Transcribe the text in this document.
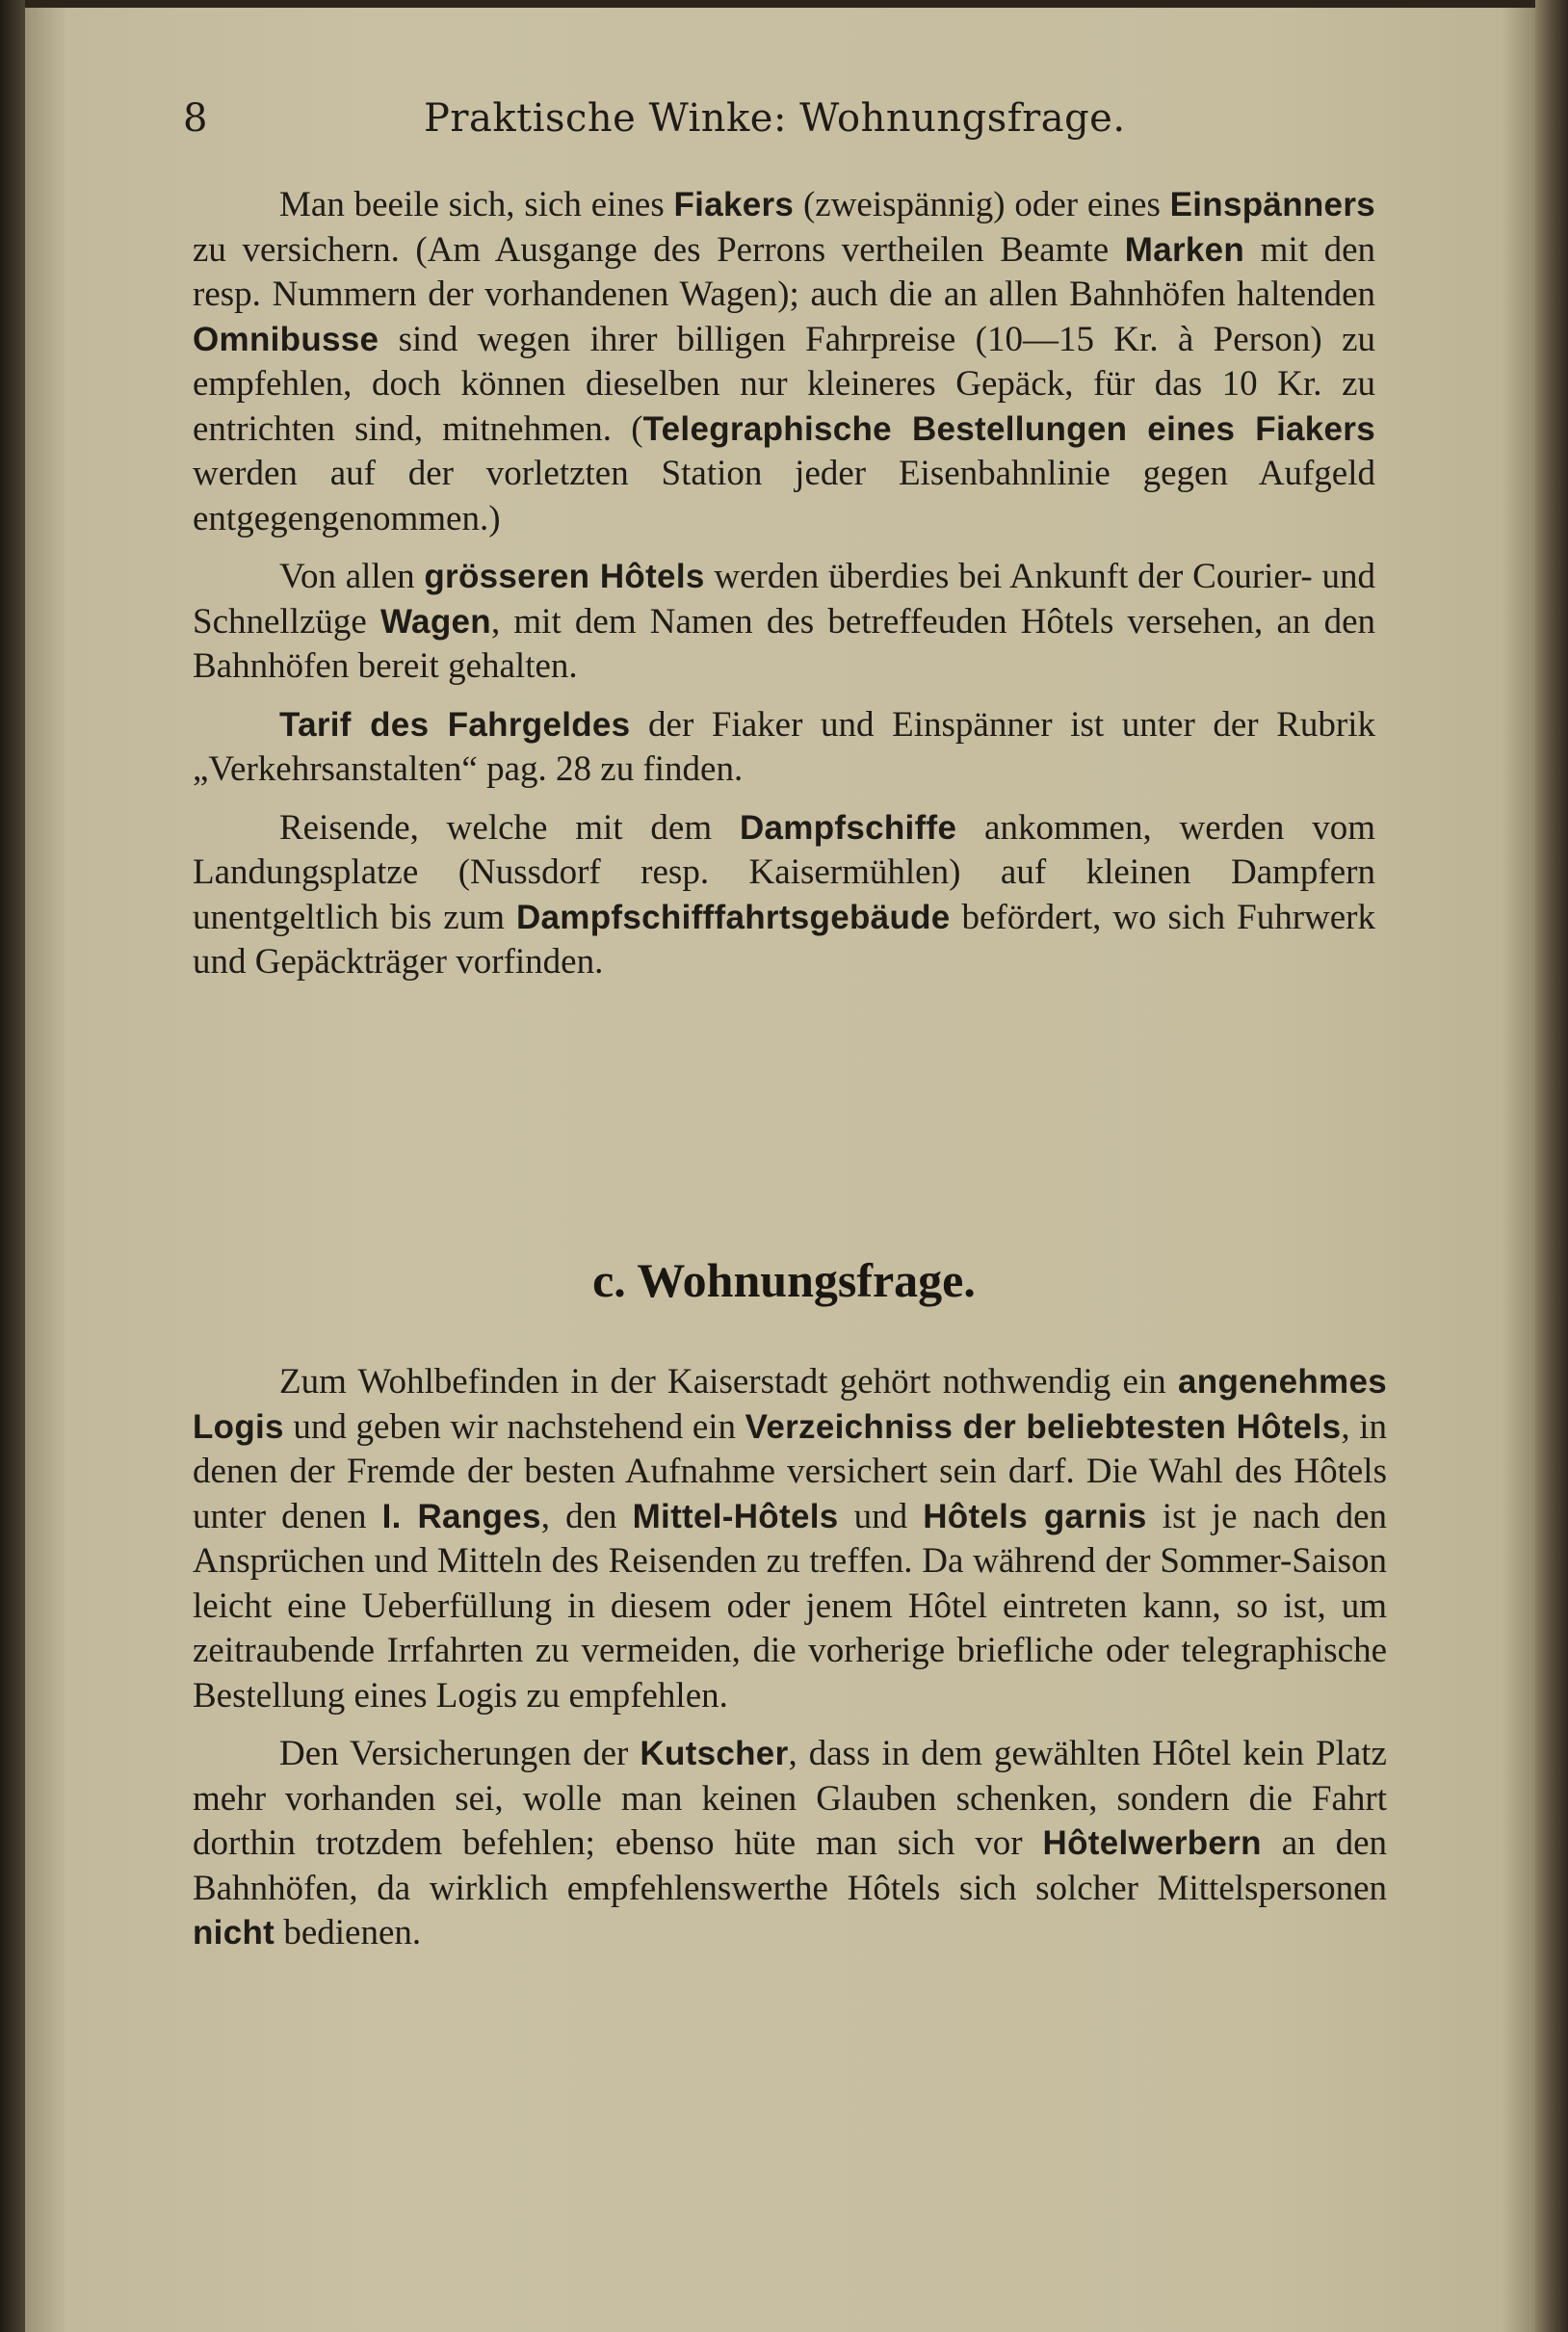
8	Praktische Winke: Wohnungsfrage.

Man beeile sich, sich eines Fiakers (zweispännig) oder eines Einspänners zu versichern. (Am Ausgange des Perrons vertheilen Beamte Marken mit den resp. Nummern der vorhandenen Wagen); auch die an allen Bahnhöfen haltenden Omnibusse sind wegen ihrer billigen Fahrpreise (10—15 Kr. à Person) zu empfehlen, doch können dieselben nur kleineres Gepäck, für das 10 Kr. zu entrichten sind, mitnehmen. (Telegraphische Bestellungen eines Fiakers werden auf der vorletzten Station jeder Eisenbahnlinie gegen Aufgeld entgegengenommen.)

Von allen grösseren Hôtels werden überdies bei Ankunft der Courier- und Schnellzüge Wagen, mit dem Namen des betreffeuden Hôtels versehen, an den Bahnhöfen bereit gehalten.

Tarif des Fahrgeldes der Fiaker und Einspänner ist unter der Rubrik „Verkehrsanstalten“ pag. 28 zu finden.

Reisende, welche mit dem Dampfschiffe ankommen, werden vom Landungsplatze (Nussdorf resp. Kaisermühlen) auf kleinen Dampfern unentgeltlich bis zum Dampfschifffahrtsgebäude befördert, wo sich Fuhrwerk und Gepäckträger vorfinden.

c. Wohnungsfrage.

Zum Wohlbefinden in der Kaiserstadt gehört nothwendig ein angenehmes Logis und geben wir nachstehend ein Verzeichniss der beliebtesten Hôtels, in denen der Fremde der besten Aufnahme versichert sein darf. Die Wahl des Hôtels unter denen I. Ranges, den Mittel-Hôtels und Hôtels garnis ist je nach den Ansprüchen und Mitteln des Reisenden zu treffen. Da während der Sommer-Saison leicht eine Ueberfüllung in diesem oder jenem Hôtel eintreten kann, so ist, um zeitraubende Irrfahrten zu vermeiden, die vorherige briefliche oder telegraphische Bestellung eines Logis zu empfehlen.

Den Versicherungen der Kutscher, dass in dem gewählten Hôtel kein Platz mehr vorhanden sei, wolle man keinen Glauben schenken, sondern die Fahrt dorthin trotzdem befehlen; ebenso hüte man sich vor Hôtelwerbern an den Bahnhöfen, da wirklich empfehlenswerthe Hôtels sich solcher Mittelspersonen nicht bedienen.
